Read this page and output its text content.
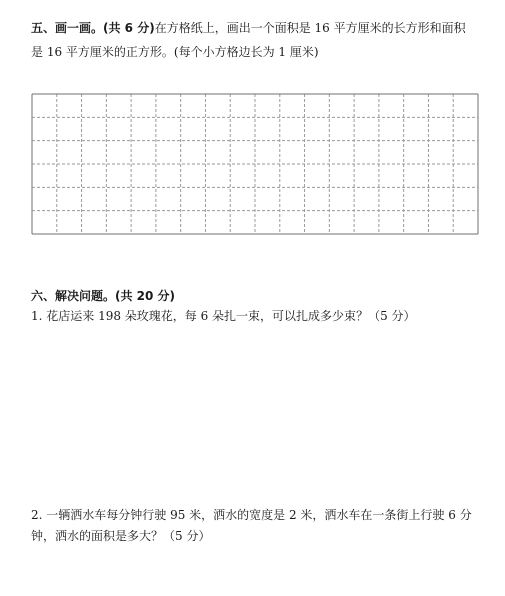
五、画一画。(共 6 分)在方格纸上，画出一个面积是 16 平方厘米的长方形和面积
是 16 平方厘米的正方形。(每个小方格边长为 1 厘米)
六、解决问题。(共 20 分)
1. 花店运来 198 朵玫瑰花，每 6 朵扎一束，可以扎成多少束？（5 分）
2. 一辆洒水车每分钟行驶 95 米，洒水的宽度是 2 米，洒水车在一条街上行驶 6 分
钟，洒水的面积是多大？（5 分）
